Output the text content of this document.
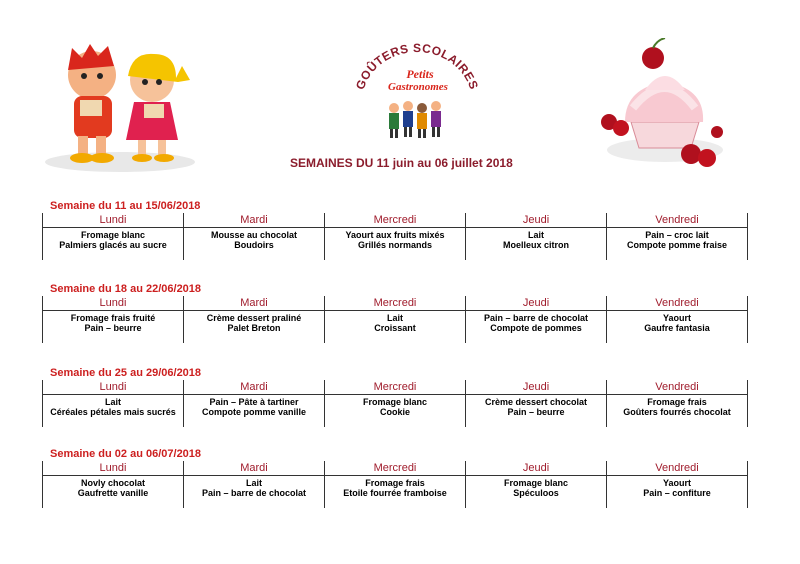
GOÛTERS SCOLAIRES
Petits
Gastronomes
SEMAINES DU 11 juin au 06 juillet 2018
Semaine du 11 au 15/06/2018
Lundi
Fromage blanc
Palmiers glacés au sucre
Mardi
Mousse au chocolat
Boudoirs
Mercredi
Yaourt aux fruits mixés
Grillés normands
Jeudi
Lait
Moelleux citron
Vendredi
Pain – croc lait
Compote pomme fraise
Semaine du 18 au 22/06/2018
Lundi
Fromage frais fruité
Pain – beurre
Mardi
Crème dessert praliné
Palet Breton
Mercredi
Lait
Croissant
Jeudi
Pain – barre de chocolat
Compote de pommes
Vendredi
Yaourt
Gaufre fantasia
Semaine du 25 au 29/06/2018
Lundi
Lait
Céréales pétales mais sucrés
Mardi
Pain – Pâte à tartiner
Compote pomme vanille
Mercredi
Fromage blanc
Cookie
Jeudi
Crème dessert chocolat
Pain – beurre
Vendredi
Fromage frais
Goûters fourrés chocolat
Semaine du 02 au 06/07/2018
Lundi
Novly chocolat
Gaufrette vanille
Mardi
Lait
Pain – barre de chocolat
Mercredi
Fromage frais
Etoile fourrée framboise
Jeudi
Fromage blanc
Spéculoos
Vendredi
Yaourt
Pain – confiture
